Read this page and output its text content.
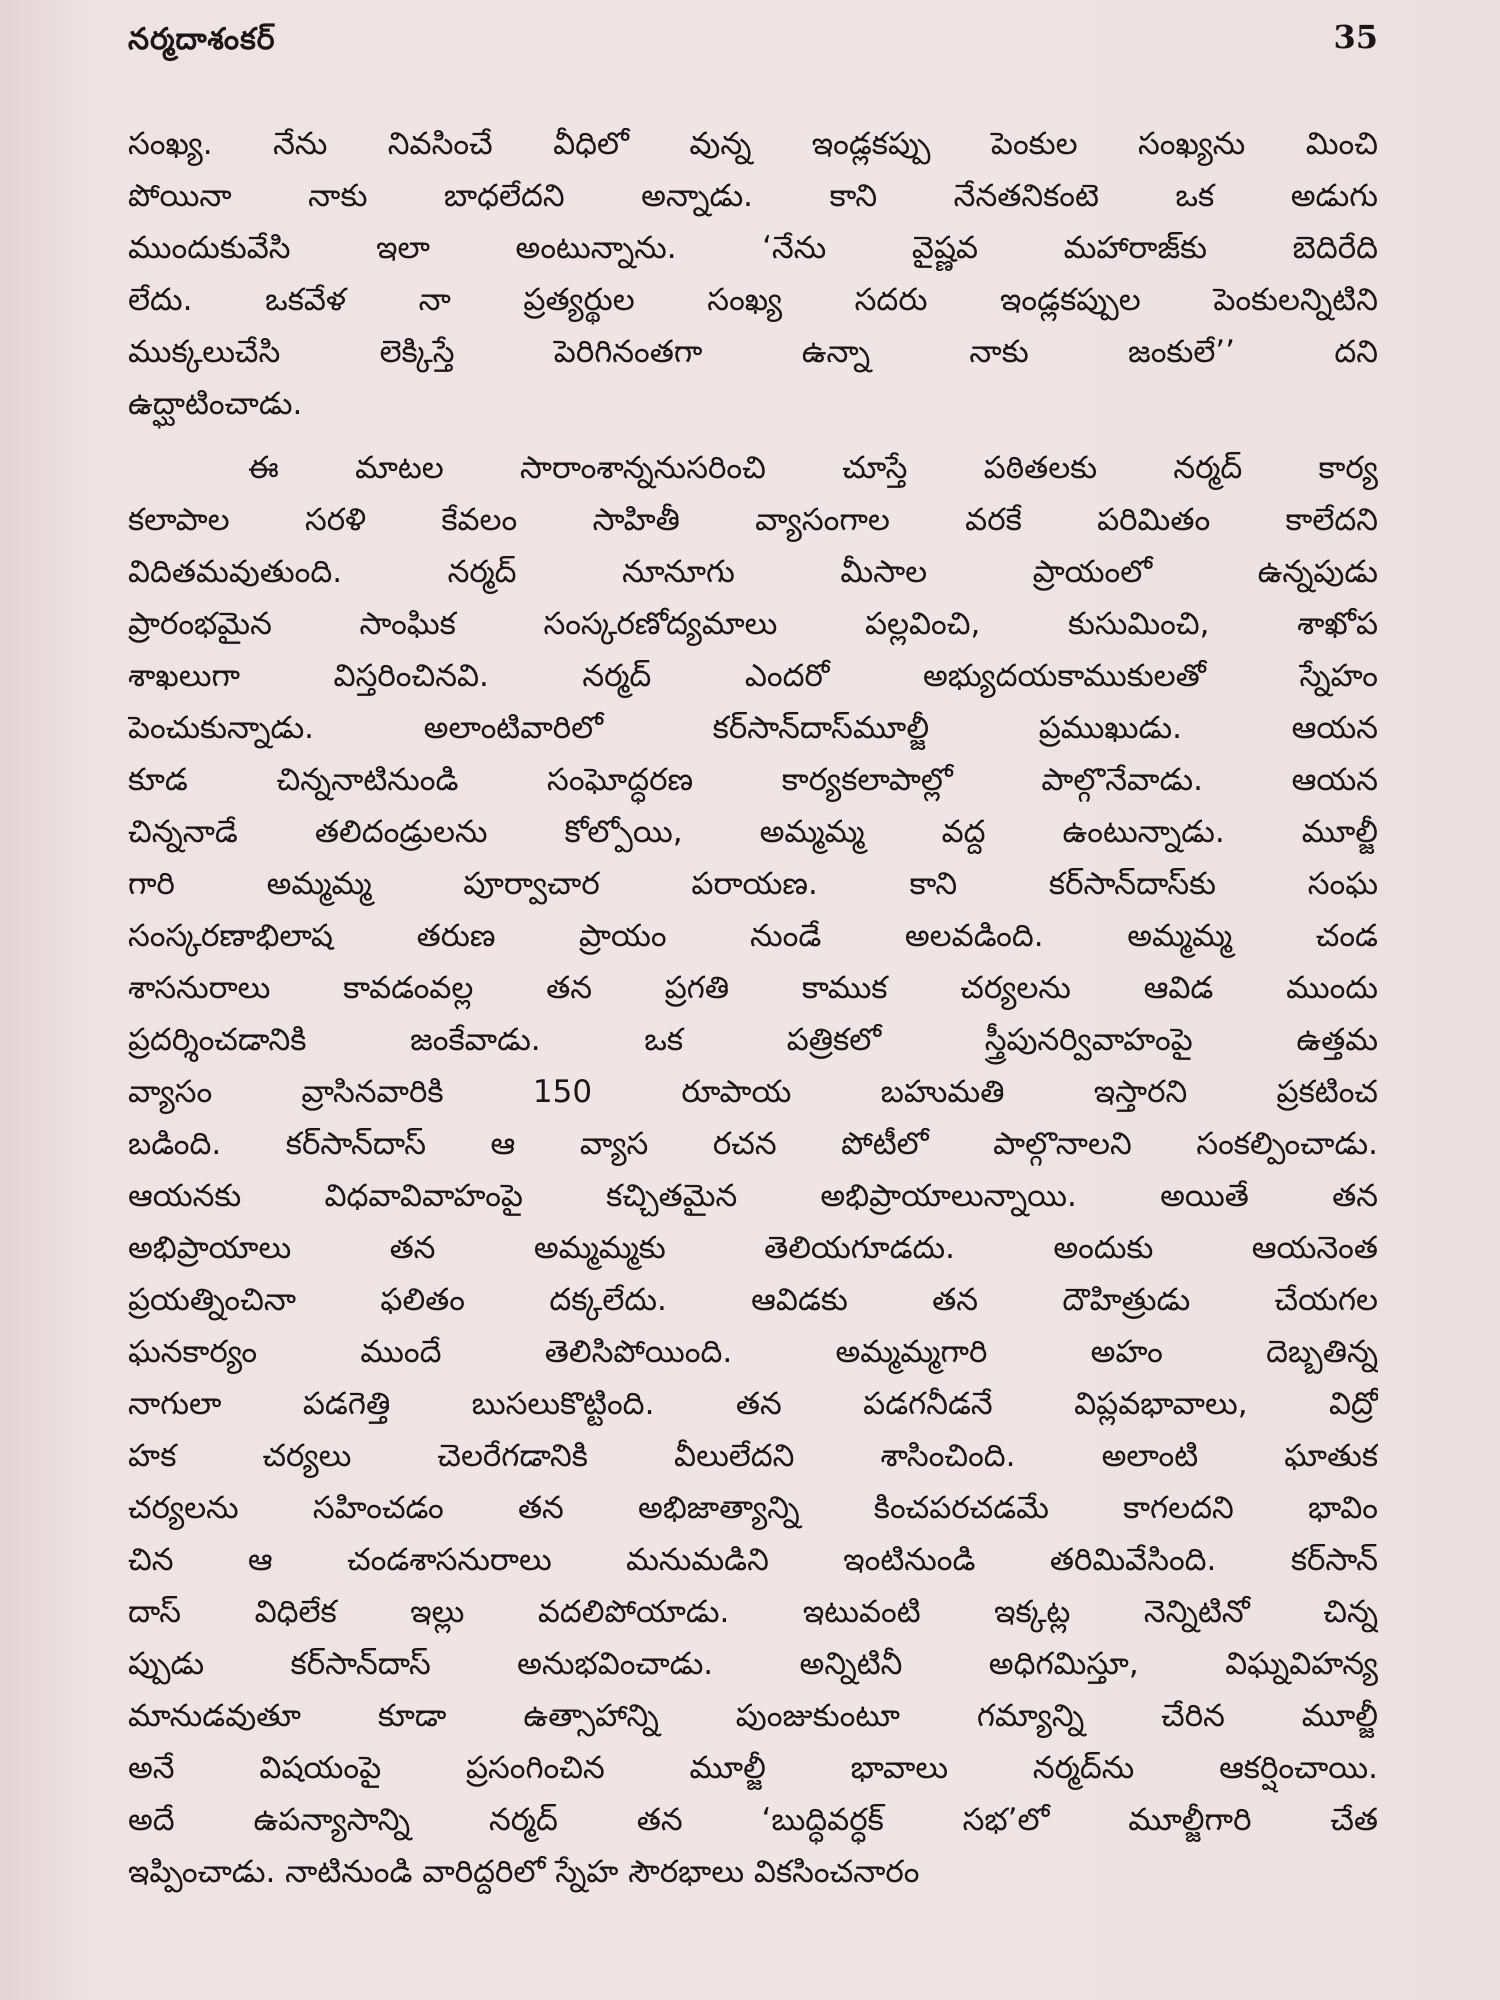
నర్మదాశంకర్	35
సంఖ్య. నేను నివసించే వీధిలో వున్న ఇండ్లకప్పు పెంకుల సంఖ్యను మించి
పోయినా నాకు బాధలేదని అన్నాడు. కాని నేనతనికంటె ఒక అడుగు
ముందుకువేసి ఇలా అంటున్నాను. ‘నేను వైష్ణవ మహారాజ్‌కు బెదిరేది
లేదు. ఒకవేళ నా ప్రత్యర్థుల సంఖ్య సదరు ఇండ్లకప్పుల పెంకులన్నిటిని
ముక్కలుచేసి లెక్కిస్తే పెరిగినంతగా ఉన్నా నాకు జంకులే’’ దని
ఉద్ఘాటించాడు.
ఈ మాటల సారాంశాన్ననుసరించి చూస్తే పఠితలకు నర్మద్ కార్య
కలాపాల సరళి కేవలం సాహితీ వ్యాసంగాల వరకే పరిమితం కాలేదని
విదితమవుతుంది. నర్మద్ నూనూగు మీసాల ప్రాయంలో ఉన్నపుడు
ప్రారంభమైన సాంఘిక సంస్కరణోద్యమాలు పల్లవించి, కుసుమించి, శాఖోప
శాఖలుగా విస్తరించినవి. నర్మద్ ఎందరో అభ్యుదయకాముకులతో స్నేహం
పెంచుకున్నాడు. అలాంటివారిలో కర్‌సాన్‌దాస్‌మూల్జీ ప్రముఖుడు. ఆయన
కూడ చిన్ననాటినుండి సంఘోద్ధరణ కార్యకలాపాల్లో పాల్గొనేవాడు. ఆయన
చిన్ననాడే తలిదండ్రులను కోల్పోయి, అమ్మమ్మ వద్ద ఉంటున్నాడు. మూల్జీ
గారి అమ్మమ్మ పూర్వాచార పరాయణ. కాని కర్‌సాన్‌దాస్‌కు సంఘ
సంస్కరణాభిలాష తరుణ ప్రాయం నుండే అలవడింది. అమ్మమ్మ చండ
శాసనురాలు కావడంవల్ల తన ప్రగతి కాముక చర్యలను ఆవిడ ముందు
ప్రదర్శించడానికి జంకేవాడు. ఒక పత్రికలో స్త్రీపునర్వివాహంపై ఉత్తమ
వ్యాసం వ్రాసినవారికి 150 రూపాయ బహుమతి ఇస్తారని ప్రకటించ
బడింది. కర్‌సాన్‌దాస్ ఆ వ్యాస రచన పోటీలో పాల్గొనాలని సంకల్పించాడు.
ఆయనకు విధవావివాహంపై కచ్చితమైన అభిప్రాయాలున్నాయి. అయితే తన
అభిప్రాయాలు తన అమ్మమ్మకు తెలియగూడదు. అందుకు ఆయనెంత
ప్రయత్నించినా ఫలితం దక్కలేదు. ఆవిడకు తన దౌహిత్రుడు చేయగల
ఘనకార్యం ముందే తెలిసిపోయింది. అమ్మమ్మగారి అహం దెబ్బతిన్న
నాగులా పడగెత్తి బుసలుకొట్టింది. తన పడగనీడనే విప్లవభావాలు, విద్రో
హక చర్యలు చెలరేగడానికి వీలులేదని శాసించింది. అలాంటి ఘాతుక
చర్యలను సహించడం తన అభిజాత్యాన్ని కించపరచడమే కాగలదని భావిం
చిన ఆ చండశాసనురాలు మనుమడిని ఇంటినుండి తరిమివేసింది. కర్‌సాన్
దాస్ విధిలేక ఇల్లు వదలిపోయాడు. ఇటువంటి ఇక్కట్ల నెన్నిటినో చిన్న
ప్పుడు కర్‌సాన్‌దాస్ అనుభవించాడు. అన్నిటినీ అధిగమిస్తూ, విఘ్నవిహన్య
మానుడవుతూ కూడా ఉత్సాహాన్ని పుంజుకుంటూ గమ్యాన్ని చేరిన మూల్జీ
అనే విషయంపై ప్రసంగించిన మూల్జీ భావాలు నర్మద్‌ను ఆకర్షించాయి.
అదే ఉపన్యాసాన్ని నర్మద్ తన ‘బుద్ధివర్ధక్ సభ’లో మూల్జీగారి చేత
ఇప్పించాడు. నాటినుండి వారిద్దరిలో స్నేహ సౌరభాలు వికసించనారం
